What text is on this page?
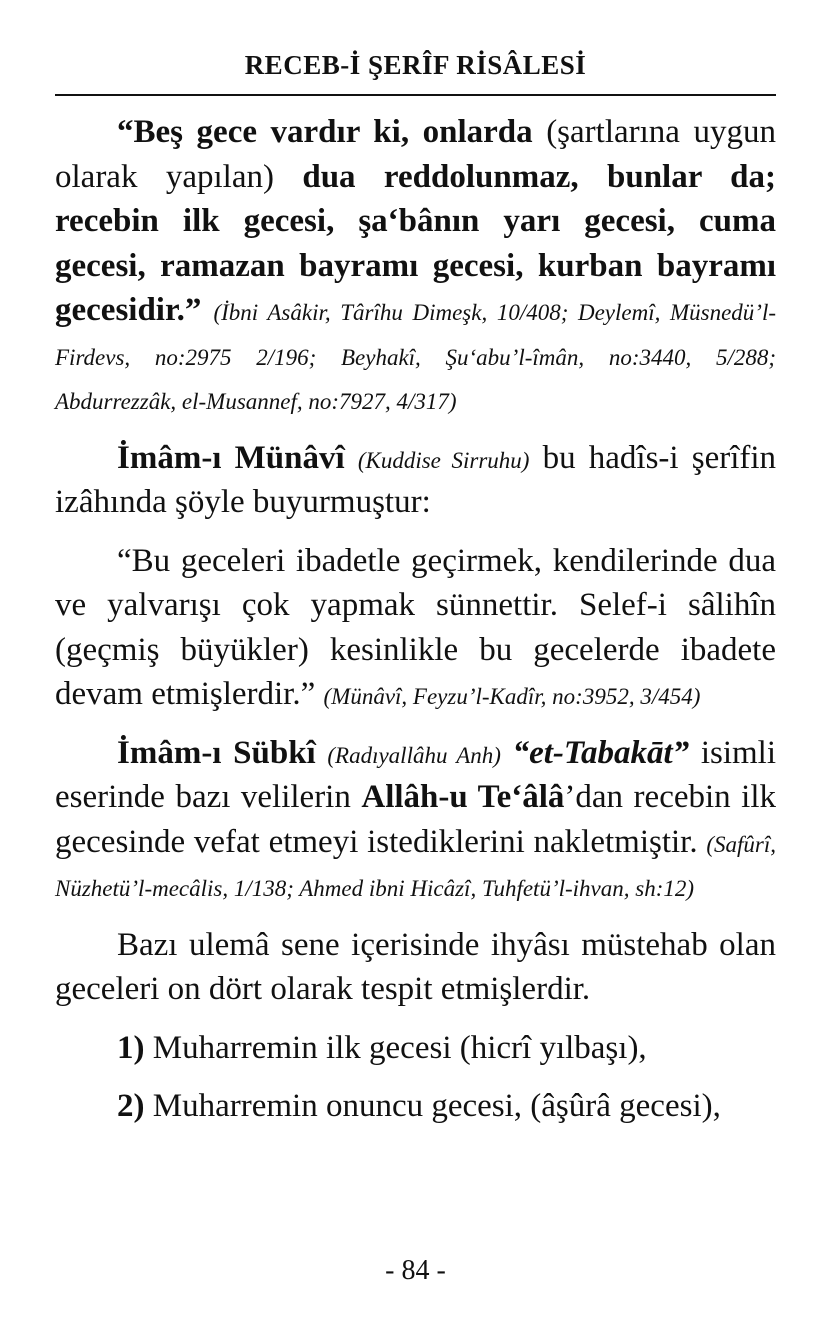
RECEB-İ ŞERÎF RİSÂLESİ

“Beş gece vardır ki, onlarda (şartlarına uygun olarak yapılan) dua reddolunmaz, bunlar da; recebin ilk gecesi, şa‘bânın yarı gecesi, cuma gecesi, ramazan bayramı gecesi, kurban bayramı gecesidir.” (İbni Asâkir, Târîhu Dimeşk, 10/408; Deylemî, Müsnedü’l-Firdevs, no:2975 2/196; Beyhakî, Şu‘abu’l-îmân, no:3440, 5/288; Abdurrezzâk, el-Musannef, no:7927, 4/317)

İmâm-ı Münâvî (Kuddise Sirruhu) bu hadîs-i şerîfin izâhında şöyle buyurmuştur:

“Bu geceleri ibadetle geçirmek, kendilerinde dua ve yalvarışı çok yapmak sünnettir. Selef-i sâlihîn (geçmiş büyükler) kesinlikle bu gecelerde ibadete devam etmişlerdir.” (Münâvî, Feyzu’l-Kadîr, no:3952, 3/454)

İmâm-ı Sübkî (Radıyallâhu Anh) “et-Tabakāt” isimli eserinde bazı velilerin Allâh-u Te‘âlâ’dan recebin ilk gecesinde vefat etmeyi istediklerini nakletmiştir. (Safûrî, Nüzhetü’l-mecâlis, 1/138; Ahmed ibni Hicâzî, Tuhfetü’l-ihvan, sh:12)

Bazı ulemâ sene içerisinde ihyâsı müstehab olan geceleri on dört olarak tespit etmişlerdir.

1) Muharremin ilk gecesi (hicrî yılbaşı),

2) Muharremin onuncu gecesi, (âşûrâ gecesi),

- 84 -
